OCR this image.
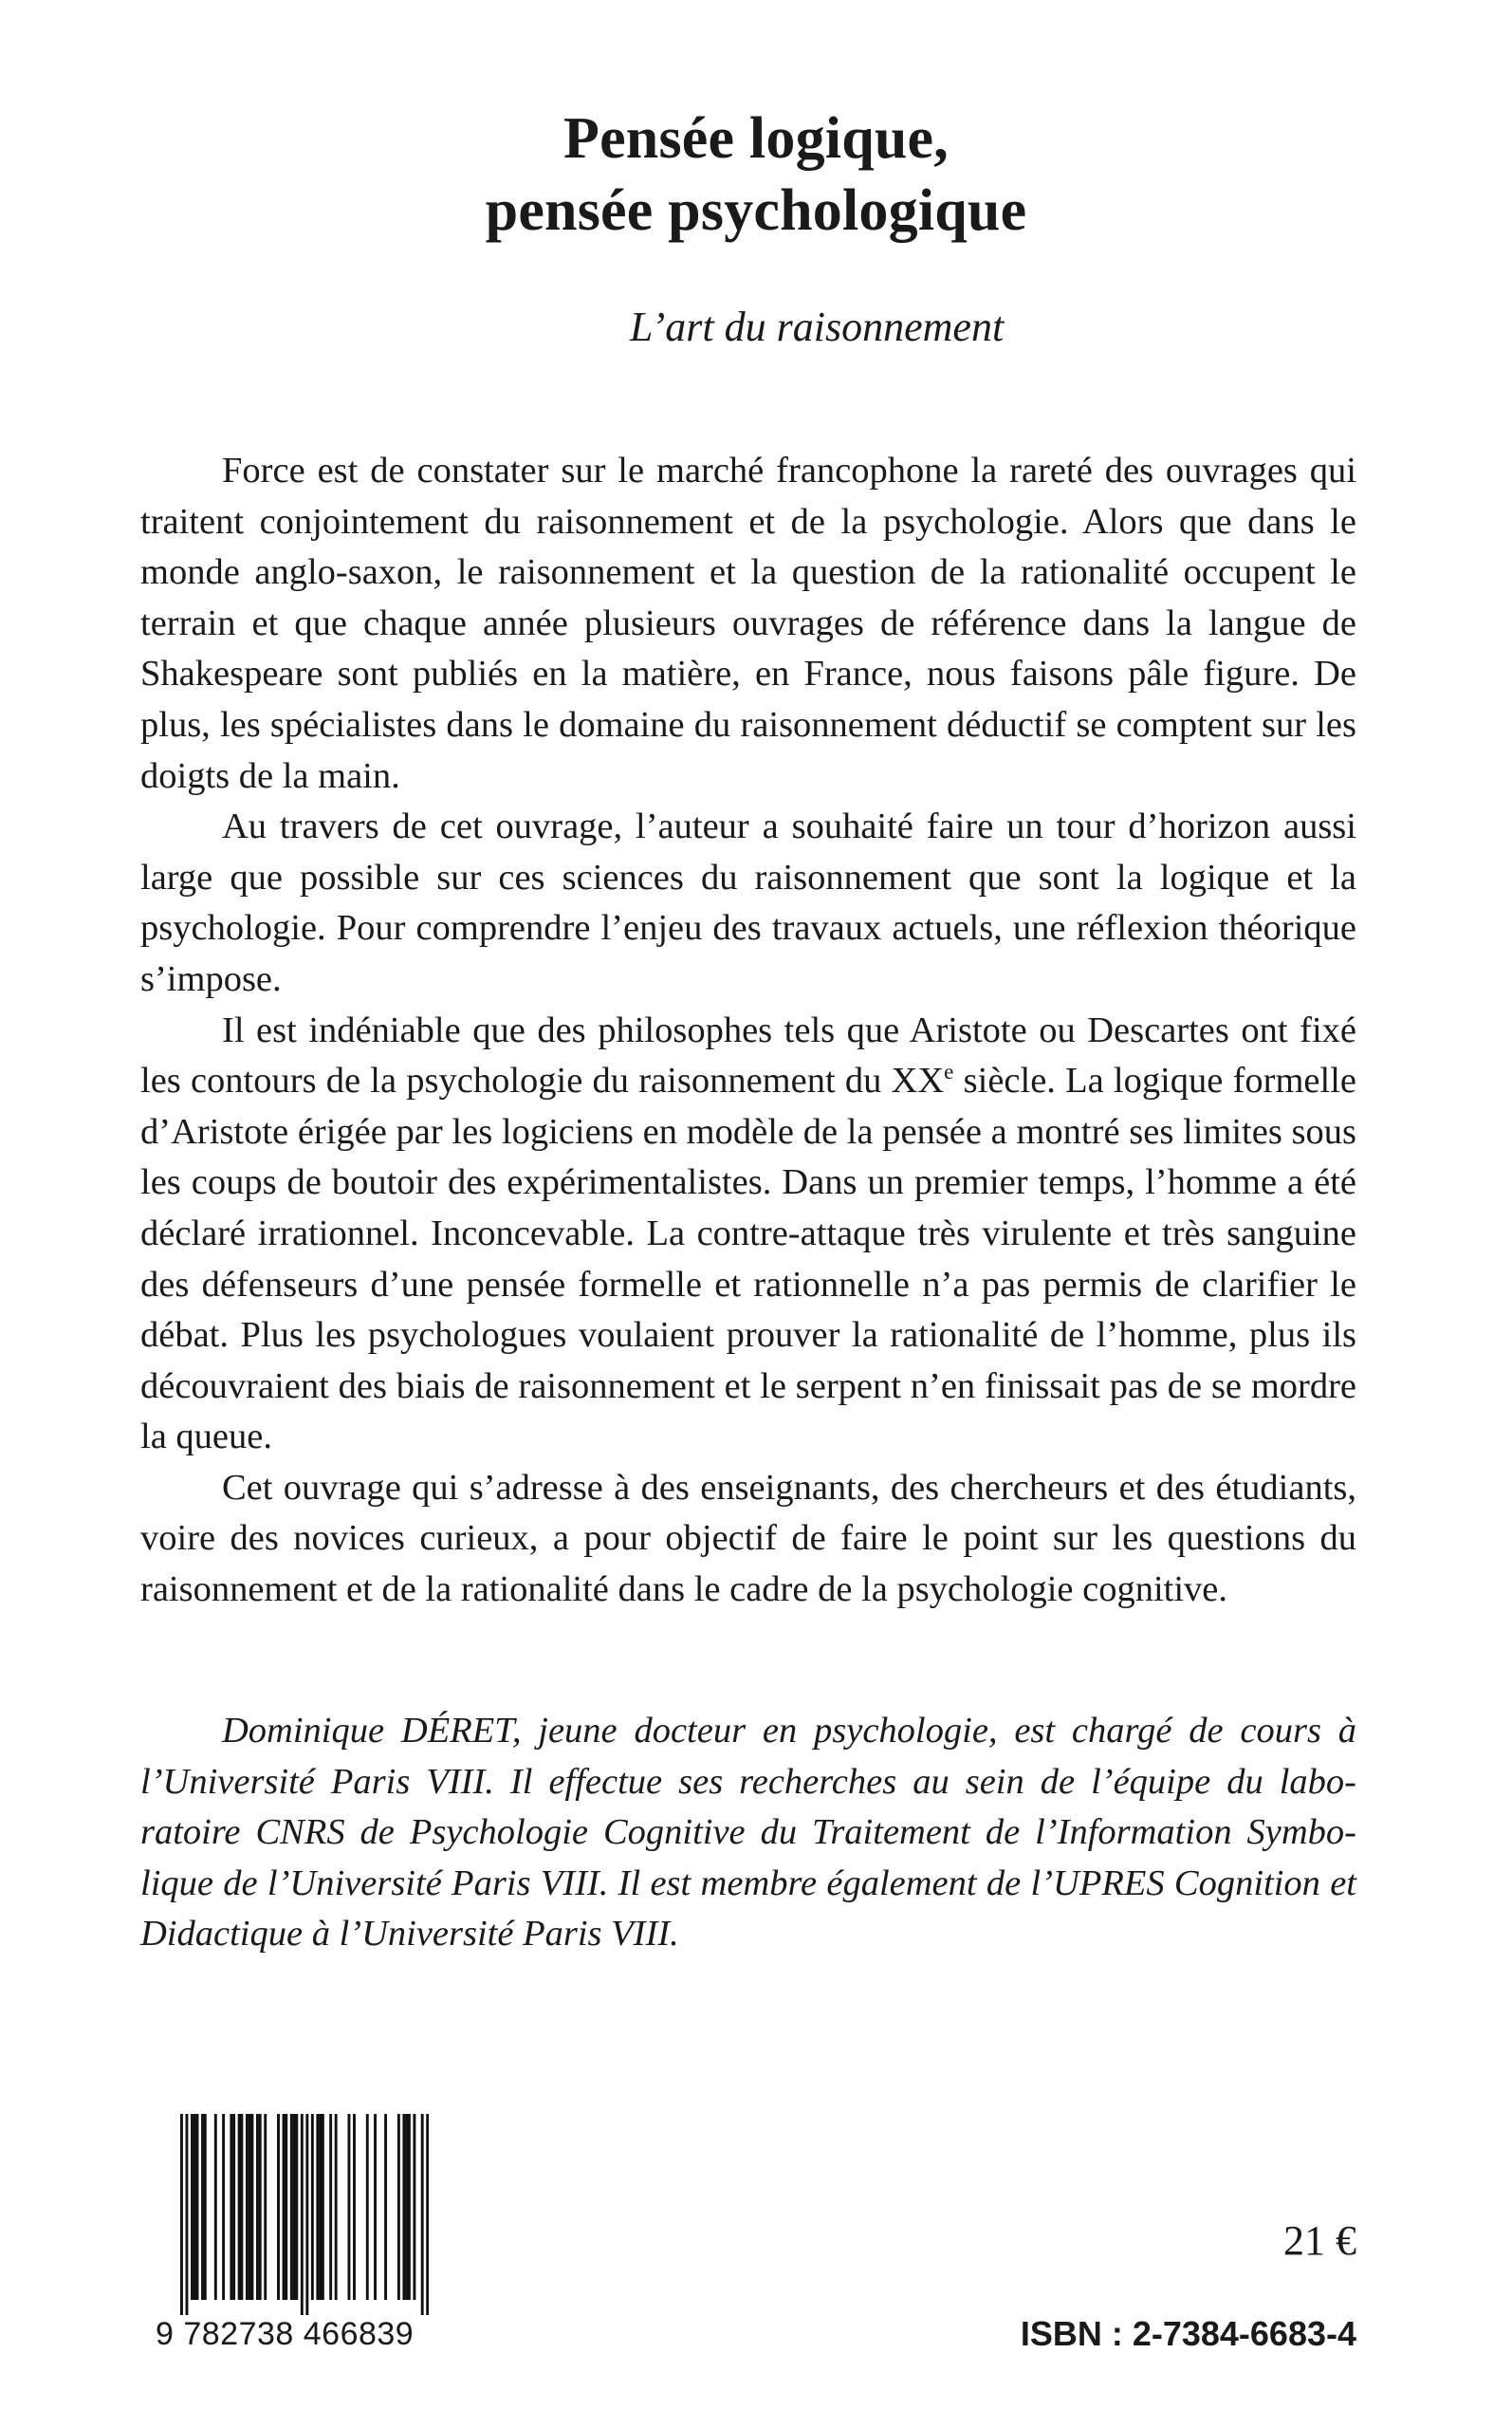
Pensée logique,
pensée psychologique

L’art du raisonnement

Force est de constater sur le marché francophone la rareté des ouvrages qui traitent conjointement du raisonnement et de la psychologie. Alors que dans le monde anglo-saxon, le raisonnement et la question de la rationalité occupent le terrain et que chaque année plusieurs ouvrages de référence dans la langue de Shakespeare sont publiés en la matière, en France, nous faisons pâle figure. De plus, les spécialistes dans le domaine du raisonnement déductif se comptent sur les doigts de la main.

Au travers de cet ouvrage, l’auteur a souhaité faire un tour d’horizon aussi large que possible sur ces sciences du raisonnement que sont la logique et la psychologie. Pour comprendre l’enjeu des travaux actuels, une réflexion théorique s’impose.

Il est indéniable que des philosophes tels que Aristote ou Descartes ont fixé les contours de la psychologie du raisonnement du XXe siècle. La logique formelle d’Aristote érigée par les logiciens en modèle de la pensée a montré ses limites sous les coups de boutoir des expérimentalistes. Dans un premier temps, l’homme a été déclaré irrationnel. Inconcevable. La contre-attaque très virulente et très sanguine des défenseurs d’une pensée formelle et rationnelle n’a pas permis de clarifier le débat. Plus les psychologues voulaient prouver la rationalité de l’homme, plus ils découvraient des biais de raisonnement et le serpent n’en finissait pas de se mordre la queue.

Cet ouvrage qui s’adresse à des enseignants, des chercheurs et des étudiants, voire des novices curieux, a pour objectif de faire le point sur les questions du raisonnement et de la rationalité dans le cadre de la psychologie cognitive.

Dominique DÉRET, jeune docteur en psychologie, est chargé de cours à l’Université Paris VIII. Il effectue ses recherches au sein de l’équipe du laboratoire CNRS de Psychologie Cognitive du Traitement de l’Information Symbolique de l’Université Paris VIII. Il est membre également de l’UPRES Cognition et Didactique à l’Université Paris VIII.

9 782738 466839
21 €
ISBN : 2-7384-6683-4
